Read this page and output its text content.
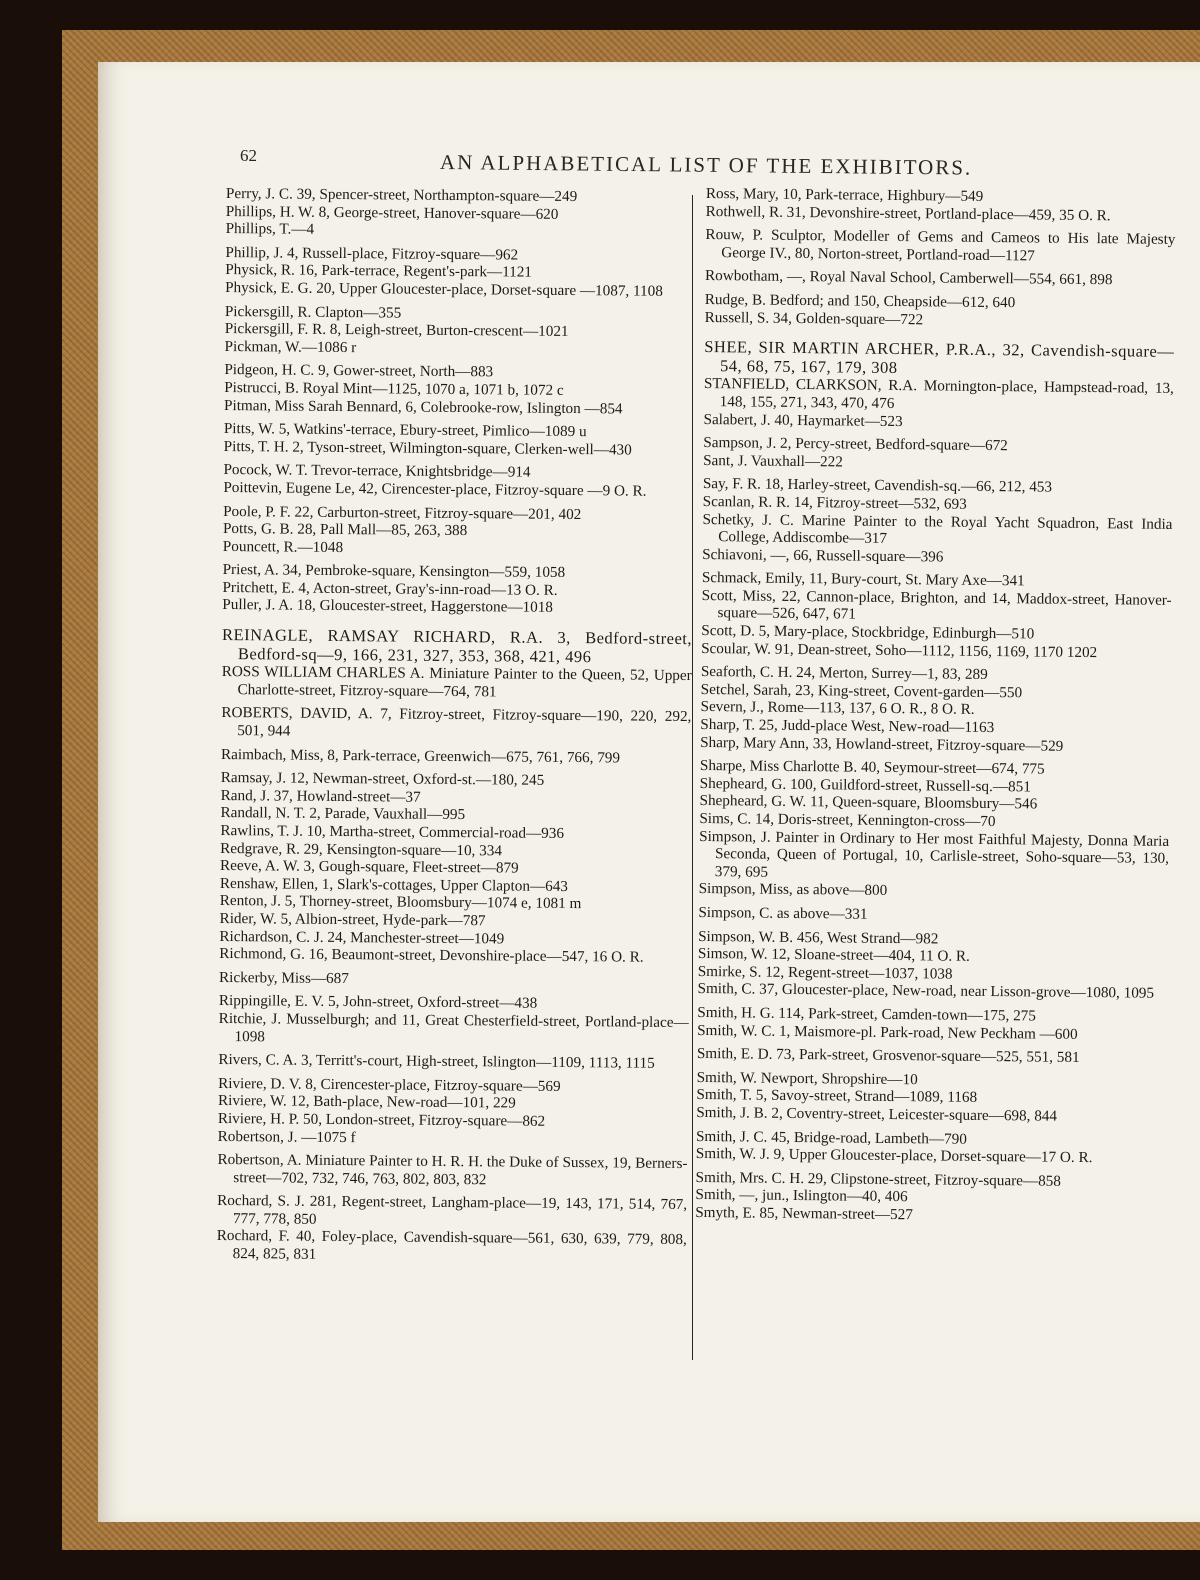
62	AN ALPHABETICAL LIST OF THE EXHIBITORS.

Perry, J. C. 39, Spencer-street, Northampton-square—249

Phillips, H. W. 8, George-street, Hanover-square—620

Phillips, T.—4

Phillip, J. 4, Russell-place, Fitzroy-square—962

Physick, R. 16, Park-terrace, Regent's-park—1121

Physick, E. G. 20, Upper Gloucester-place, Dorset-square —1087, 1108

Pickersgill, R. Clapton—355

Pickersgill, F. R. 8, Leigh-street, Burton-crescent—1021

Pickman, W.—1086 r

Pidgeon, H. C. 9, Gower-street, North—883

Pistrucci, B. Royal Mint—1125, 1070 a, 1071 b, 1072 c

Pitman, Miss Sarah Bennard, 6, Colebrooke-row, Islington —854

Pitts, W. 5, Watkins'-terrace, Ebury-street, Pimlico—1089 u

Pitts, T. H. 2, Tyson-street, Wilmington-square, Clerken-well—430

Pocock, W. T. Trevor-terrace, Knightsbridge—914

Poittevin, Eugene Le, 42, Cirencester-place, Fitzroy-square —9 O. R.

Poole, P. F. 22, Carburton-street, Fitzroy-square—201, 402

Potts, G. B. 28, Pall Mall—85, 263, 388

Pouncett, R.—1048

Priest, A. 34, Pembroke-square, Kensington—559, 1058

Pritchett, E. 4, Acton-street, Gray's-inn-road—13 O. R.

Puller, J. A. 18, Gloucester-street, Haggerstone—1018

REINAGLE, RAMSAY RICHARD, R.A. 3, Bedford-street, Bedford-sq—9, 166, 231, 327, 353, 368, 421, 496

ROSS WILLIAM CHARLES A. Miniature Painter to the Queen, 52, Upper Charlotte-street, Fitzroy-square—764, 781

ROBERTS, DAVID, A. 7, Fitzroy-street, Fitzroy-square—190, 220, 292, 501, 944

Raimbach, Miss, 8, Park-terrace, Greenwich—675, 761, 766, 799

Ramsay, J. 12, Newman-street, Oxford-st.—180, 245

Rand, J. 37, Howland-street—37

Randall, N. T. 2, Parade, Vauxhall—995

Rawlins, T. J. 10, Martha-street, Commercial-road—936

Redgrave, R. 29, Kensington-square—10, 334

Reeve, A. W. 3, Gough-square, Fleet-street—879

Renshaw, Ellen, 1, Slark's-cottages, Upper Clapton—643

Renton, J. 5, Thorney-street, Bloomsbury—1074 e, 1081 m

Rider, W. 5, Albion-street, Hyde-park—787

Richardson, C. J. 24, Manchester-street—1049

Richmond, G. 16, Beaumont-street, Devonshire-place—547, 16 O. R.

Rickerby, Miss—687

Rippingille, E. V. 5, John-street, Oxford-street—438

Ritchie, J. Musselburgh; and 11, Great Chesterfield-street, Portland-place—1098

Rivers, C. A. 3, Territt's-court, High-street, Islington—1109, 1113, 1115

Riviere, D. V. 8, Cirencester-place, Fitzroy-square—569

Riviere, W. 12, Bath-place, New-road—101, 229

Riviere, H. P. 50, London-street, Fitzroy-square—862

Robertson, J. —1075 f

Robertson, A. Miniature Painter to H. R. H. the Duke of Sussex, 19, Berners-street—702, 732, 746, 763, 802, 803, 832

Rochard, S. J. 281, Regent-street, Langham-place—19, 143, 171, 514, 767, 777, 778, 850

Rochard, F. 40, Foley-place, Cavendish-square—561, 630, 639, 779, 808, 824, 825, 831

Ross, Mary, 10, Park-terrace, Highbury—549

Rothwell, R. 31, Devonshire-street, Portland-place—459, 35 O. R.

Rouw, P. Sculptor, Modeller of Gems and Cameos to His late Majesty George IV., 80, Norton-street, Portland-road—1127

Rowbotham, —, Royal Naval School, Camberwell—554, 661, 898

Rudge, B. Bedford; and 150, Cheapside—612, 640

Russell, S. 34, Golden-square—722

SHEE, SIR MARTIN ARCHER, P.R.A., 32, Cavendish-square—54, 68, 75, 167, 179, 308

STANFIELD, CLARKSON, R.A. Mornington-place, Hampstead-road, 13, 148, 155, 271, 343, 470, 476

Salabert, J. 40, Haymarket—523

Sampson, J. 2, Percy-street, Bedford-square—672

Sant, J. Vauxhall—222

Say, F. R. 18, Harley-street, Cavendish-sq.—66, 212, 453

Scanlan, R. R. 14, Fitzroy-street—532, 693

Schetky, J. C. Marine Painter to the Royal Yacht Squadron, East India College, Addiscombe—317

Schiavoni, —, 66, Russell-square—396

Schmack, Emily, 11, Bury-court, St. Mary Axe—341

Scott, Miss, 22, Cannon-place, Brighton, and 14, Maddox-street, Hanover-square—526, 647, 671

Scott, D. 5, Mary-place, Stockbridge, Edinburgh—510

Scoular, W. 91, Dean-street, Soho—1112, 1156, 1169, 1170 1202

Seaforth, C. H. 24, Merton, Surrey—1, 83, 289

Setchel, Sarah, 23, King-street, Covent-garden—550

Severn, J., Rome—113, 137, 6 O. R., 8 O. R.

Sharp, T. 25, Judd-place West, New-road—1163

Sharp, Mary Ann, 33, Howland-street, Fitzroy-square—529

Sharpe, Miss Charlotte B. 40, Seymour-street—674, 775

Shepheard, G. 100, Guildford-street, Russell-sq.—851

Shepheard, G. W. 11, Queen-square, Bloomsbury—546

Sims, C. 14, Doris-street, Kennington-cross—70

Simpson, J. Painter in Ordinary to Her most Faithful Majesty, Donna Maria Seconda, Queen of Portugal, 10, Carlisle-street, Soho-square—53, 130, 379, 695

Simpson, Miss, as above—800

Simpson, C. as above—331

Simpson, W. B. 456, West Strand—982

Simson, W. 12, Sloane-street—404, 11 O. R.

Smirke, S. 12, Regent-street—1037, 1038

Smith, C. 37, Gloucester-place, New-road, near Lisson-grove—1080, 1095

Smith, H. G. 114, Park-street, Camden-town—175, 275

Smith, W. C. 1, Maismore-pl. Park-road, New Peckham —600

Smith, E. D. 73, Park-street, Grosvenor-square—525, 551, 581

Smith, W. Newport, Shropshire—10

Smith, T. 5, Savoy-street, Strand—1089, 1168

Smith, J. B. 2, Coventry-street, Leicester-square—698, 844

Smith, J. C. 45, Bridge-road, Lambeth—790

Smith, W. J. 9, Upper Gloucester-place, Dorset-square—17 O. R.

Smith, Mrs. C. H. 29, Clipstone-street, Fitzroy-square—858

Smith, —, jun., Islington—40, 406

Smyth, E. 85, Newman-street—527
